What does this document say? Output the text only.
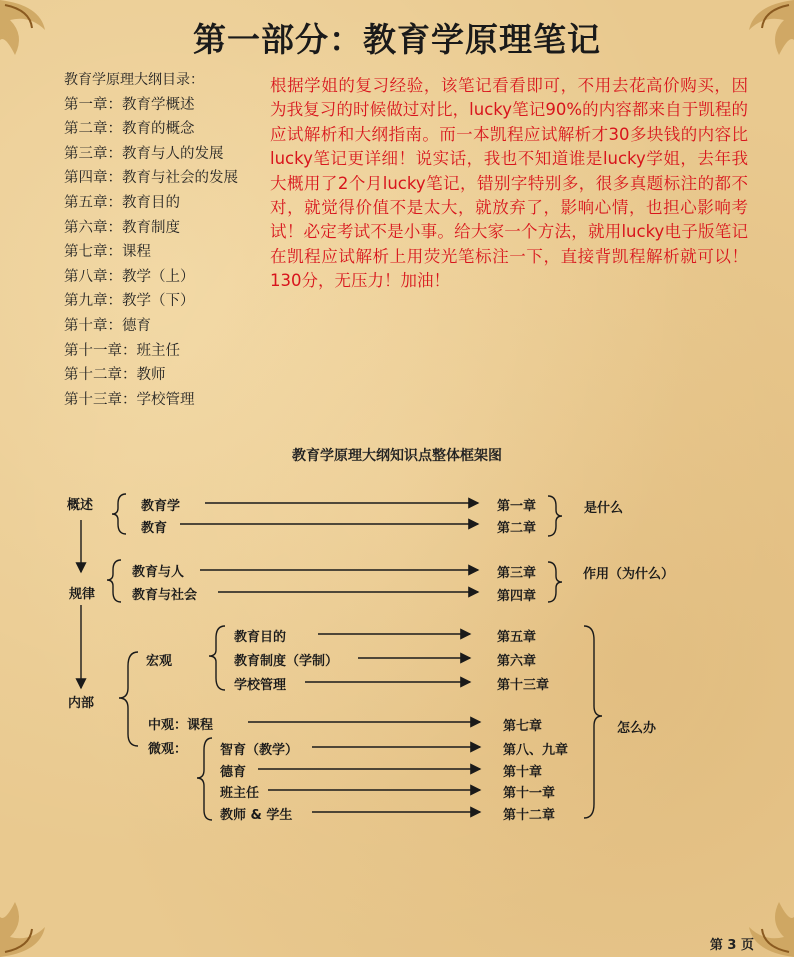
第一部分：教育学原理笔记
教育学原理大纲目录：
第一章：教育学概述
第二章：教育的概念
第三章：教育与人的发展
第四章：教育与社会的发展
第五章：教育目的
第六章：教育制度
第七章：课程
第八章：教学（上）
第九章：教学（下）
第十章：德育
第十一章：班主任
第十二章：教师
第十三章：学校管理
根据学姐的复习经验，该笔记看看即可，不用去花高价购买，因为我复习的时候做过对比，lucky笔记90%的内容都来自于凯程的应试解析和大纲指南。而一本凯程应试解析才30多块钱的内容比lucky笔记更详细！说实话，我也不知道谁是lucky学姐，去年我大概用了2个月lucky笔记，错别字特别多，很多真题标注的都不对，就觉得价值不是太大，就放弃了，影响心情，也担心影响考试！必定考试不是小事。给大家一个方法，就用lucky电子版笔记在凯程应试解析上用荧光笔标注一下，直接背凯程解析就可以！130分，无压力！加油！
教育学原理大纲知识点整体框架图
概述
规律
内部
宏观
中观：课程
微观：
教育学
教育
教育与人
教育与社会
教育目的
教育制度（学制）
学校管理
智育（教学）
德育
班主任
教师 & 学生
第一章
第二章
第三章
第四章
第五章
第六章
第十三章
第七章
第八、九章
第十章
第十一章
第十二章
是什么
作用（为什么）
怎么办
第 3 页
